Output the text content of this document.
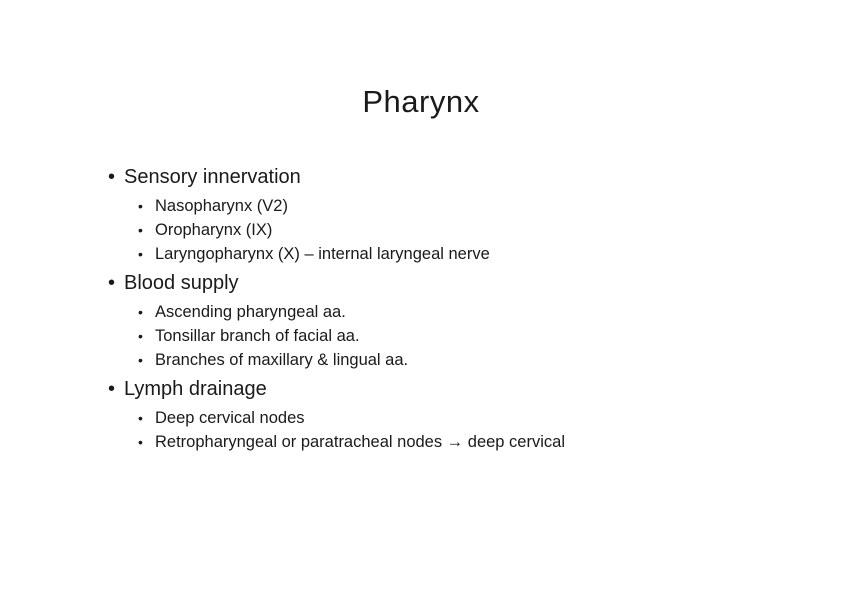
Pharynx
• Sensory innervation
• Nasopharynx (V2)
• Oropharynx (IX)
• Laryngopharynx (X) – internal laryngeal nerve
• Blood supply
• Ascending pharyngeal aa.
• Tonsillar branch of facial aa.
• Branches of maxillary & lingual aa.
• Lymph drainage
• Deep cervical nodes
• Retropharyngeal or paratracheal nodes → deep cervical
